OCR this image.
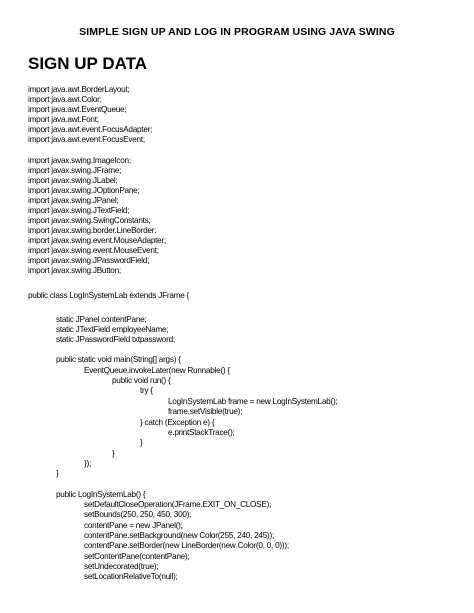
SIMPLE SIGN UP AND LOG IN PROGRAM USING JAVA SWING
SIGN UP DATA
import java.awt.BorderLayout;
import java.awt.Color;
import java.awt.EventQueue;
import java.awt.Font;
import java.awt.event.FocusAdapter;
import java.awt.event.FocusEvent;
import javax.swing.ImageIcon;
import javax.swing.JFrame;
import javax.swing.JLabel;
import javax.swing.JOptionPane;
import javax.swing.JPanel;
import javax.swing.JTextField;
import javax.swing.SwingConstants;
import javax.swing.border.LineBorder;
import javax.swing.event.MouseAdapter;
import javax.swing.event.MouseEvent;
import javax.swing.JPasswordField;
import javax.swing.JButton;
public class LogInSystemLab extends JFrame {
static JPanel contentPane;
static JTextField employeeName;
static JPasswordField txtpassword;
public static void main(String[] args) {
EventQueue.invokeLater(new Runnable() {
public void run() {
try {
LogInSystemLab frame = new LogInSystemLab();
frame.setVisible(true);
} catch (Exception e) {
e.printStackTrace();
}
}
});
}
public LogInSystemLab() {
setDefaultCloseOperation(JFrame.EXIT_ON_CLOSE);
setBounds(250, 250, 450, 300);
contentPane = new JPanel();
contentPane.setBackground(new Color(255, 240, 245));
contentPane.setBorder(new LineBorder(new Color(0, 0, 0)));
setContentPane(contentPane);
setUndecorated(true);
setLocationRelativeTo(null);
